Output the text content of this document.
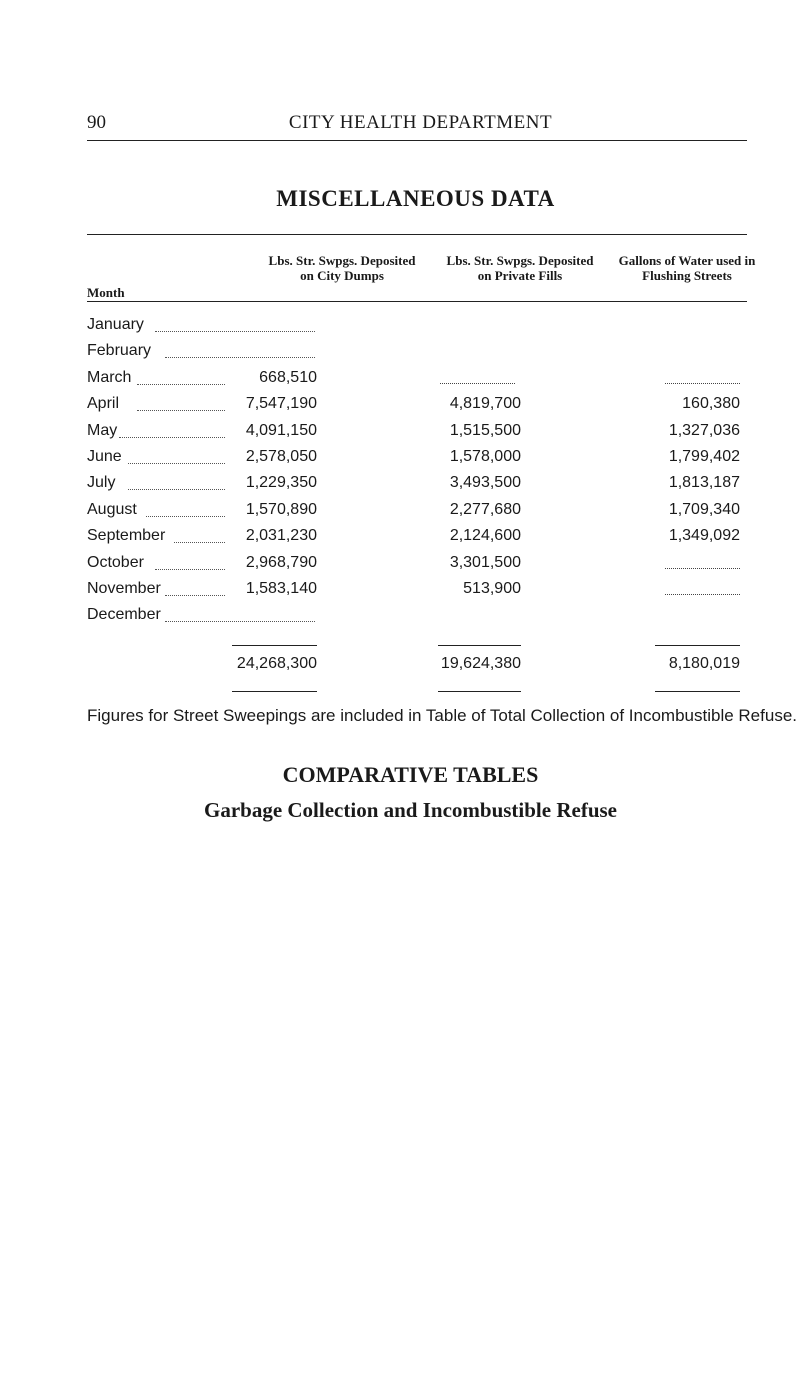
90	CITY HEALTH DEPARTMENT
MISCELLANEOUS DATA
Month
Lbs. Str. Swpgs. Deposited on City Dumps
Lbs. Str. Swpgs. Deposited on Private Fills
Gallons of Water used in Flushing Streets
January
February
March	668,510
April	7,547,190	4,819,700	160,380
May	4,091,150	1,515,500	1,327,036
June	2,578,050	1,578,000	1,799,402
July	1,229,350	3,493,500	1,813,187
August	1,570,890	2,277,680	1,709,340
September	2,031,230	2,124,600	1,349,092
October	2,968,790	3,301,500
November	1,583,140	513,900
December
24,268,300	19,624,380	8,180,019
Figures for Street Sweepings are included in Table of Total Collection of Incombustible Refuse.
COMPARATIVE TABLES
Garbage Collection and Incombustible Refuse
